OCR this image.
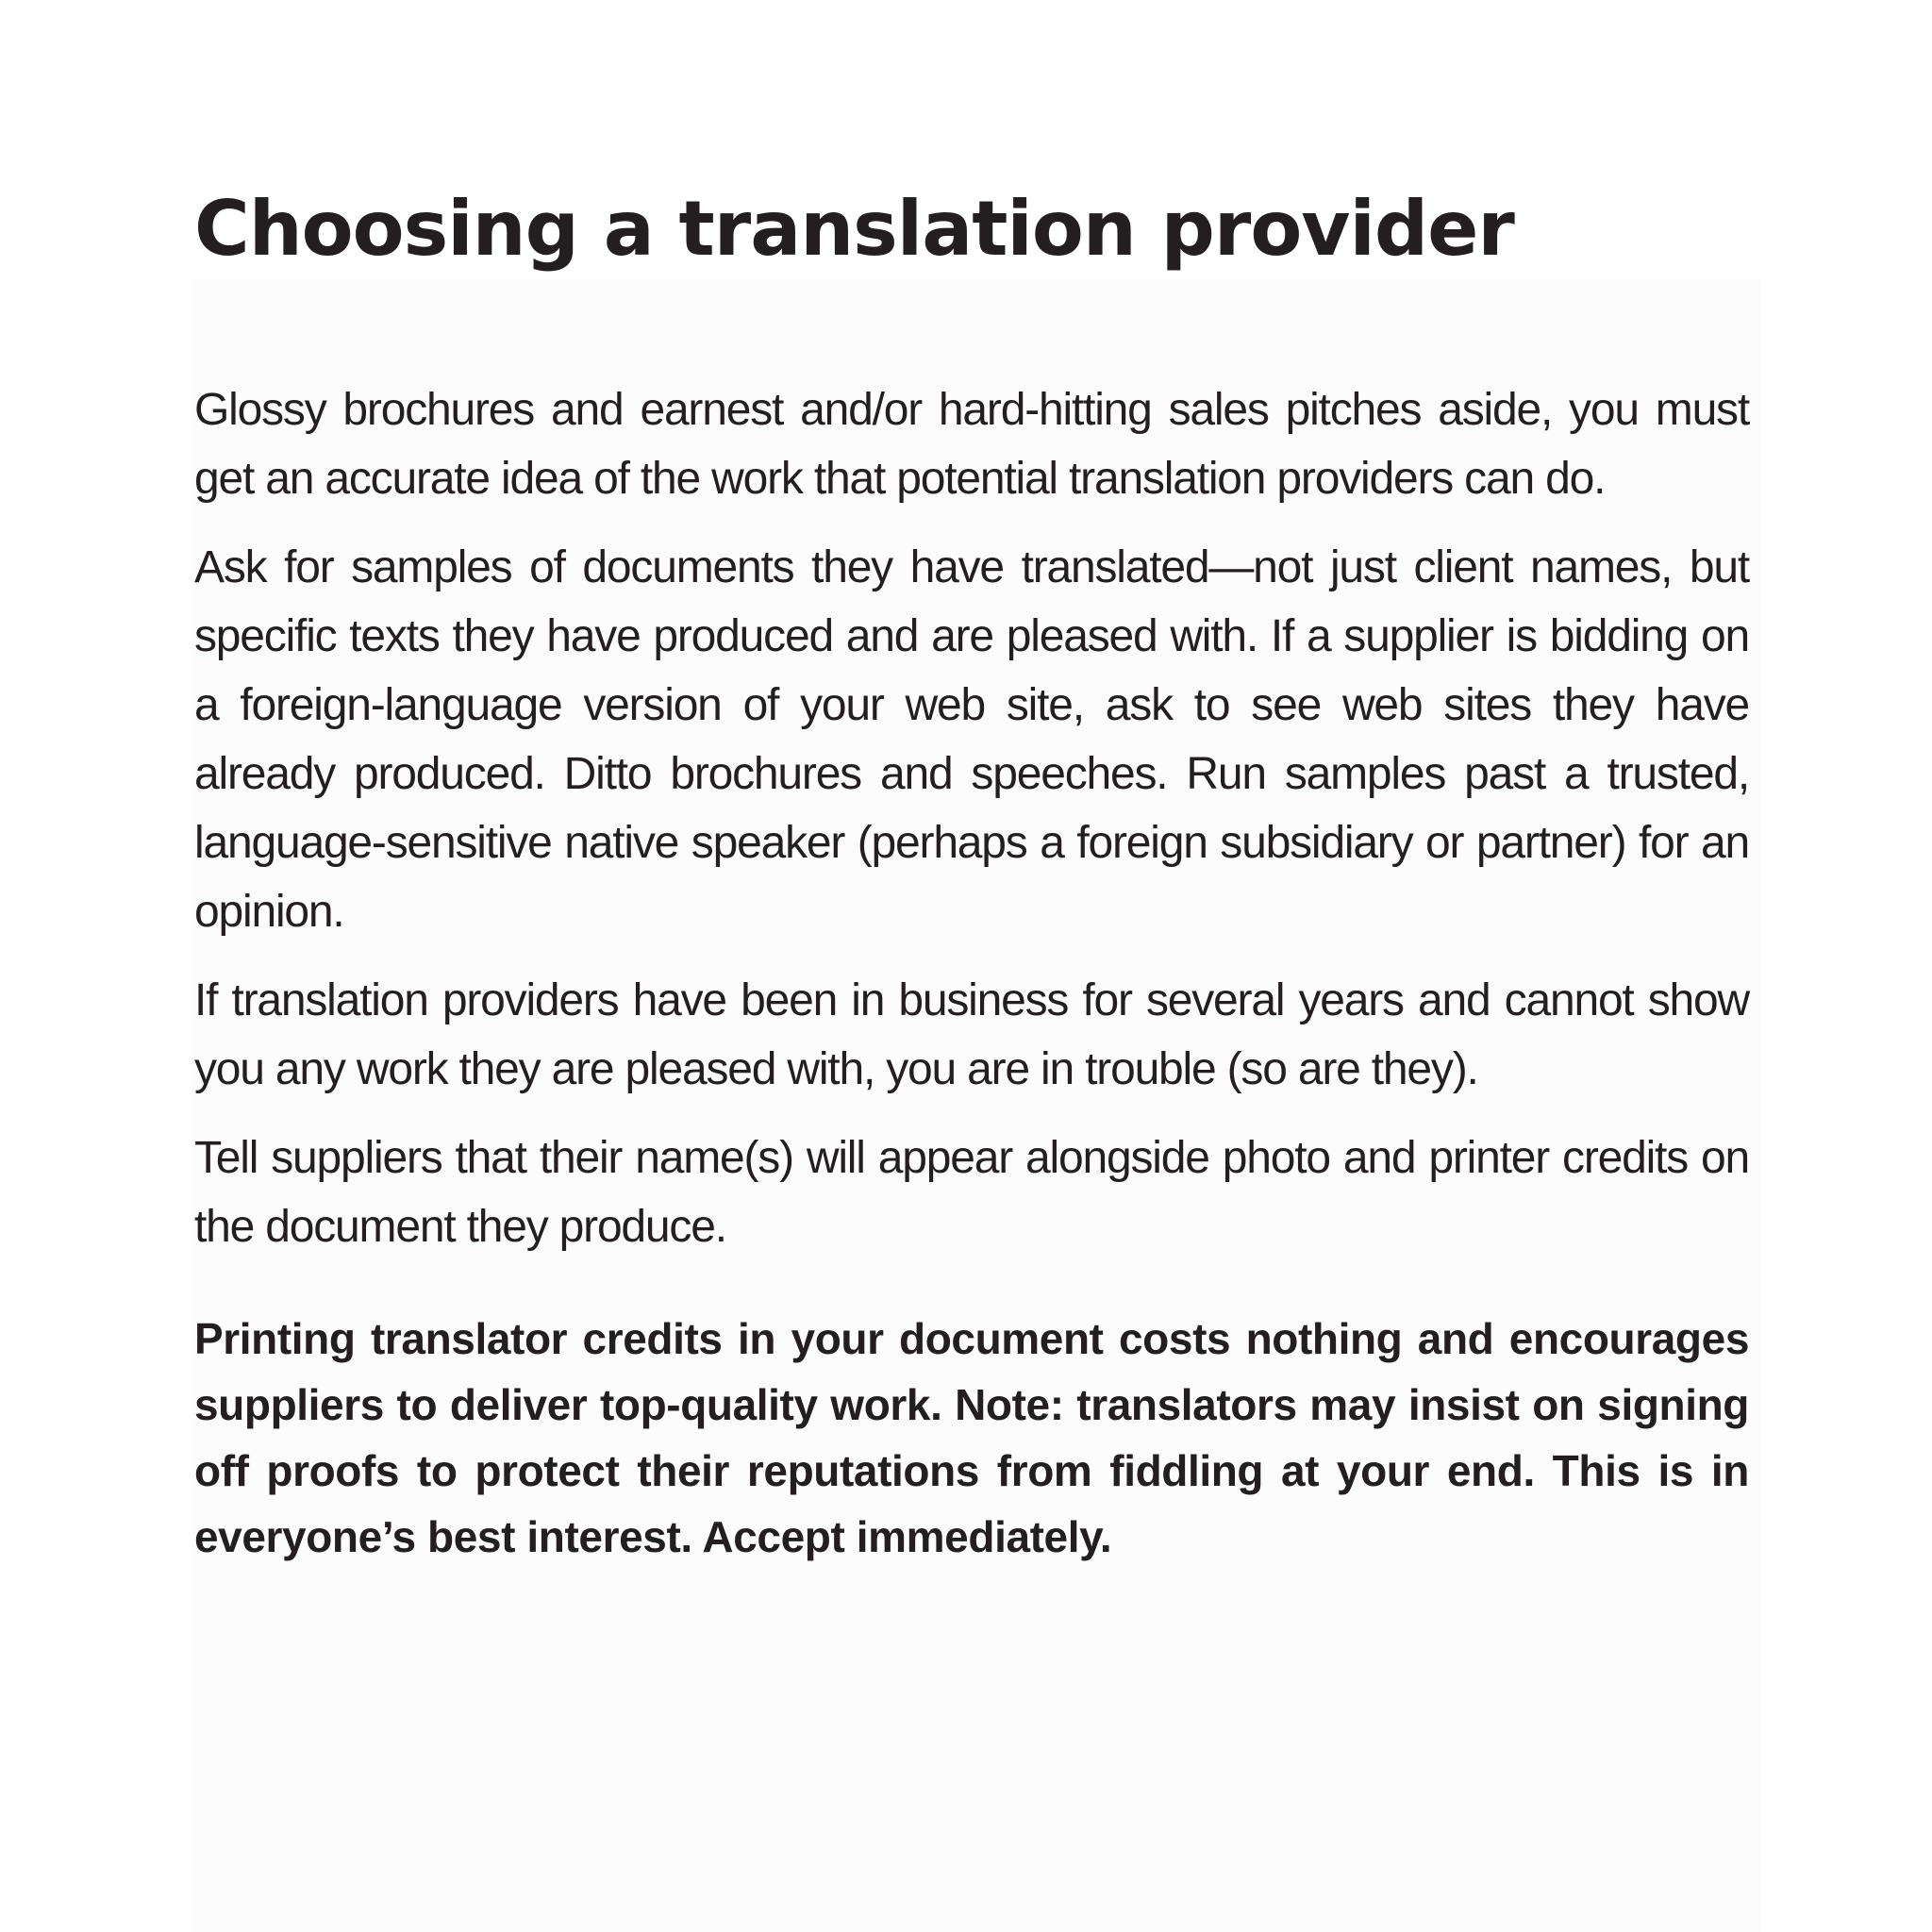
Choosing a translation provider

Glossy brochures and earnest and/or hard-hitting sales pitches aside, you must get an accurate idea of the work that potential translation providers can do.

Ask for samples of documents they have translated—not just client names, but specific texts they have produced and are pleased with. If a supplier is bidding on a foreign-language version of your web site, ask to see web sites they have already produced. Ditto brochures and speeches. Run samples past a trusted, language-sensitive native speaker (perhaps a foreign subsidiary or partner) for an opinion.

If translation providers have been in business for several years and cannot show you any work they are pleased with, you are in trouble (so are they).

Tell suppliers that their name(s) will appear alongside photo and printer credits on the document they produce.

Printing translator credits in your document costs nothing and encourages suppliers to deliver top-quality work. Note: translators may insist on signing off proofs to protect their reputations from fiddling at your end. This is in everyone’s best interest. Accept immediately.
